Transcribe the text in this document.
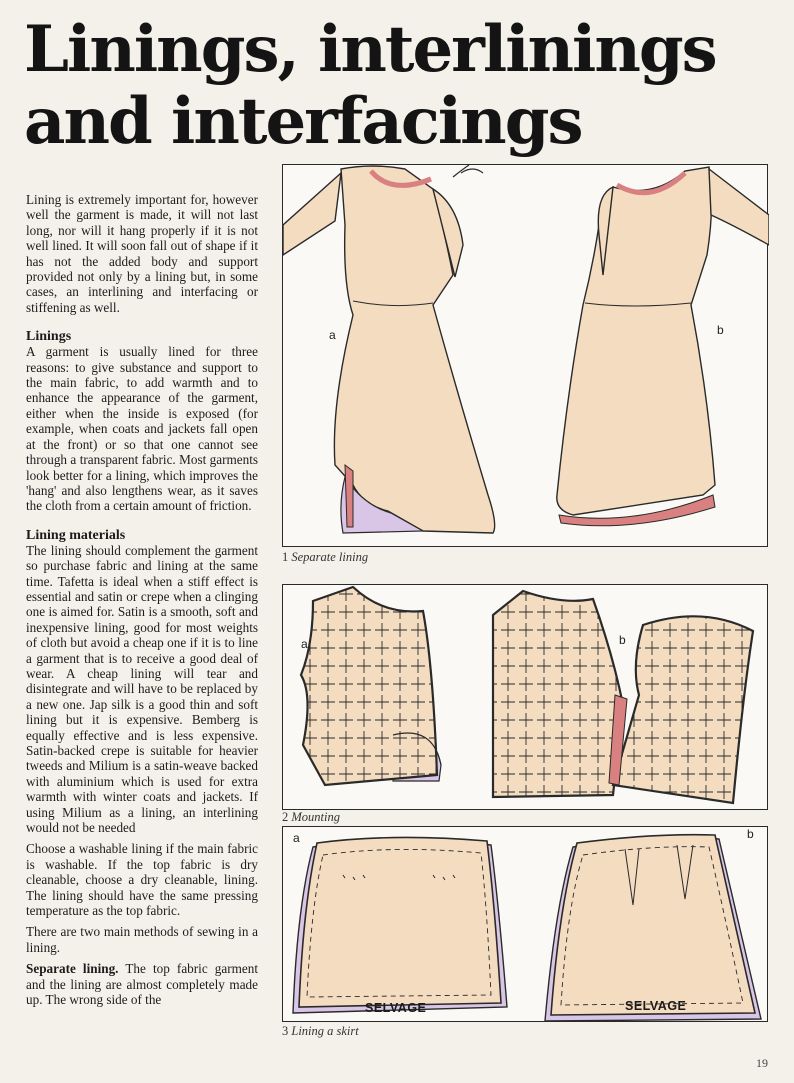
Linings, interlinings
and interfacings

Lining is extremely important for, however well the garment is made, it will not last long, nor will it hang properly if it is not well lined. It will soon fall out of shape if it has not the added body and support provided not only by a lining but, in some cases, an interlining and interfacing or stiffening as well.

Linings

A garment is usually lined for three reasons: to give substance and support to the main fabric, to add warmth and to enhance the appearance of the garment, either when the inside is exposed (for example, when coats and jackets fall open at the front) or so that one cannot see through a transparent fabric. Most garments look better for a lining, which improves the 'hang' and also lengthens wear, as it saves the cloth from a certain amount of friction.

Lining materials

The lining should complement the garment so purchase fabric and lining at the same time. Tafetta is ideal when a stiff effect is essential and satin or crepe when a clinging one is aimed for. Satin is a smooth, soft and inexpensive lining, good for most weights of cloth but avoid a cheap one if it is to line a garment that is to receive a good deal of wear. A cheap lining will tear and disintegrate and will have to be replaced by a new one. Jap silk is a good thin and soft lining but it is expensive. Bemberg is equally effective and is less expensive. Satin-backed crepe is suitable for heavier tweeds and Milium is a satin-weave backed with aluminium which is used for extra warmth with winter coats and jackets. If using Milium as a lining, an interlining would not be needed

Choose a washable lining if the main fabric is washable. If the top fabric is dry cleanable, choose a dry cleanable, lining. The lining should have the same pressing temperature as the top fabric.

There are two main methods of sewing in a lining.

Separate lining. The top fabric garment and the lining are almost completely made up. The wrong side of the

a	b
1 Separate lining
a	b
2 Mounting
a	b
SELVAGE	SELVAGE
3 Lining a skirt
19
